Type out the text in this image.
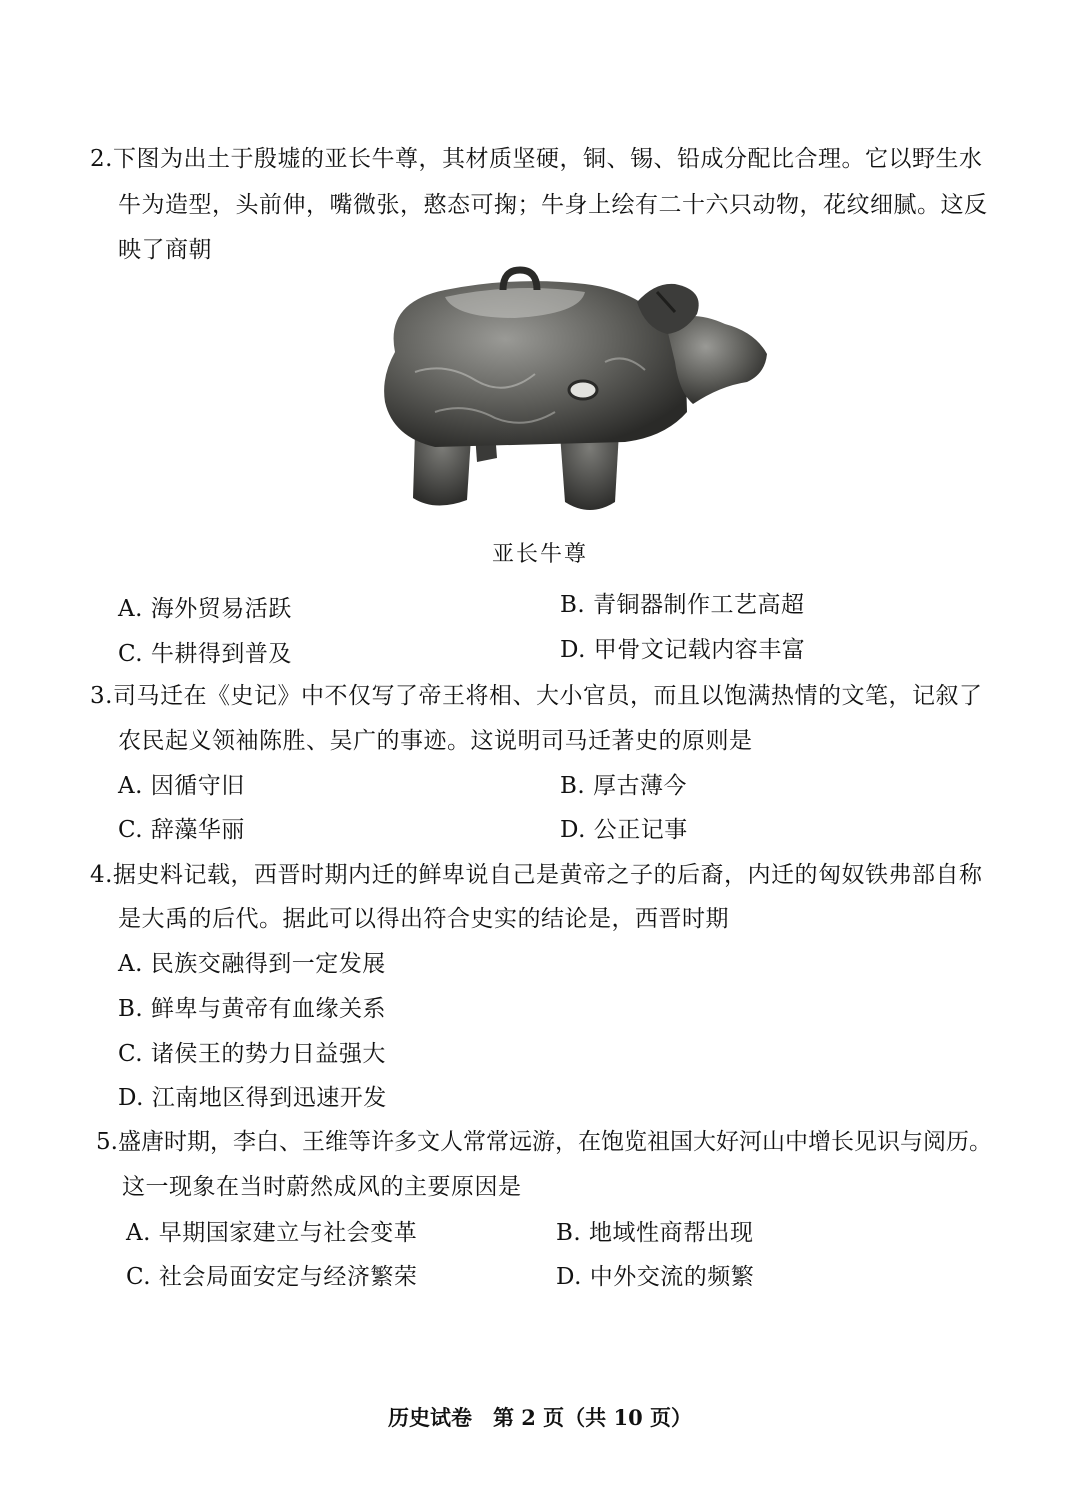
2.下图为出土于殷墟的亚长牛尊，其材质坚硬，铜、锡、铅成分配比合理。它以野生水
牛为造型，头前伸，嘴微张，憨态可掬；牛身上绘有二十六只动物，花纹细腻。这反
映了商朝
亚长牛尊
A. 海外贸易活跃	B. 青铜器制作工艺高超
C. 牛耕得到普及	D. 甲骨文记载内容丰富
3.司马迁在《史记》中不仅写了帝王将相、大小官员，而且以饱满热情的文笔，记叙了
农民起义领袖陈胜、吴广的事迹。这说明司马迁著史的原则是
A. 因循守旧	B. 厚古薄今
C. 辞藻华丽	D. 公正记事
4.据史料记载，西晋时期内迁的鲜卑说自己是黄帝之子的后裔，内迁的匈奴铁弗部自称
是大禹的后代。据此可以得出符合史实的结论是，西晋时期
A. 民族交融得到一定发展
B. 鲜卑与黄帝有血缘关系
C. 诸侯王的势力日益强大
D. 江南地区得到迅速开发
5.盛唐时期，李白、王维等许多文人常常远游，在饱览祖国大好河山中增长见识与阅历。
这一现象在当时蔚然成风的主要原因是
A. 早期国家建立与社会变革	B. 地域性商帮出现
C. 社会局面安定与经济繁荣	D. 中外交流的频繁
历史试卷　第 2 页（共 10 页）
